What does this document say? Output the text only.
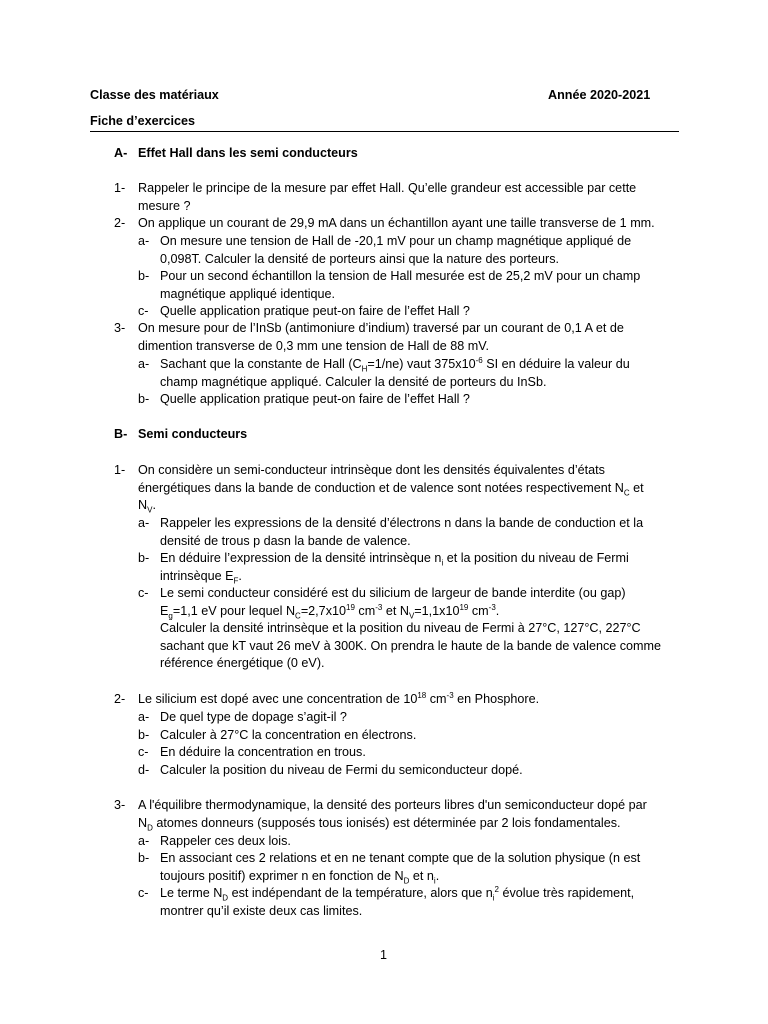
Classe des matériaux	Année 2020-2021
Fiche d’exercices
A- Effet Hall dans les semi conducteurs
1- Rappeler le principe de la mesure par effet Hall. Qu’elle grandeur est accessible par cette
mesure ?
2- On applique un courant de 29,9 mA dans un échantillon ayant une taille transverse de 1 mm.
a- On mesure une tension de Hall de -20,1 mV pour un champ magnétique appliqué de
0,098T. Calculer la densité de porteurs ainsi que la nature des porteurs.
b- Pour un second échantillon la tension de Hall mesurée est de 25,2 mV pour un champ
magnétique appliqué identique.
c- Quelle application pratique peut-on faire de l’effet Hall ?
3- On mesure pour de l’InSb (antimoniure d’indium) traversé par un courant de 0,1 A et de
dimention transverse de 0,3 mm une tension de Hall de 88 mV.
a- Sachant que la constante de Hall $(C_H=1/ne)$ vaut $375x10^{-6}$ SI en déduire la valeur du
champ magnétique appliqué. Calculer la densité de porteurs du InSb.
b- Quelle application pratique peut-on faire de l’effet Hall ?
B- Semi conducteurs
1- On considère un semi-conducteur intrinsèque dont les densités équivalentes d’états
énergétiques dans la bande de conduction et de valence sont notées respectivement $N_C$ et
$N_V$.
a- Rappeler les expressions de la densité d’électrons n dans la bande de conduction et la
densité de trous p dasn la bande de valence.
b- En déduire l’expression de la densité intrinsèque $n_i$ et la position du niveau de Fermi
intrinsèque $E_F$.
c- Le semi conducteur considéré est du silicium de largeur de bande interdite (ou gap)
$E_g=1,1$ eV pour lequel $N_C=2,7x10^{19}$ $cm^{-3}$ et $N_V=1,1x10^{19}$ $cm^{-3}$.
Calculer la densité intrinsèque et la position du niveau de Fermi à 27°C, 127°C, 227°C
sachant que kT vaut 26 meV à 300K. On prendra le haute de la bande de valence comme
référence énergétique (0 eV).
2- Le silicium est dopé avec une concentration de $10^{18}$ $cm^{-3}$ en Phosphore.
a- De quel type de dopage s’agit-il ?
b- Calculer à 27°C la concentration en électrons.
c- En déduire la concentration en trous.
d- Calculer la position du niveau de Fermi du semiconducteur dopé.
3- A l'équilibre thermodynamique, la densité des porteurs libres d'un semiconducteur dopé par
$N_D$ atomes donneurs (supposés tous ionisés) est déterminée par 2 lois fondamentales.
a- Rappeler ces deux lois.
b- En associant ces 2 relations et en ne tenant compte que de la solution physique (n est
toujours positif) exprimer n en fonction de $N_D$ et $n_i$.
c- Le terme $N_D$ est indépendant de la température, alors que $n_i^2$ évolue très rapidement,
montrer qu’il existe deux cas limites.
1
